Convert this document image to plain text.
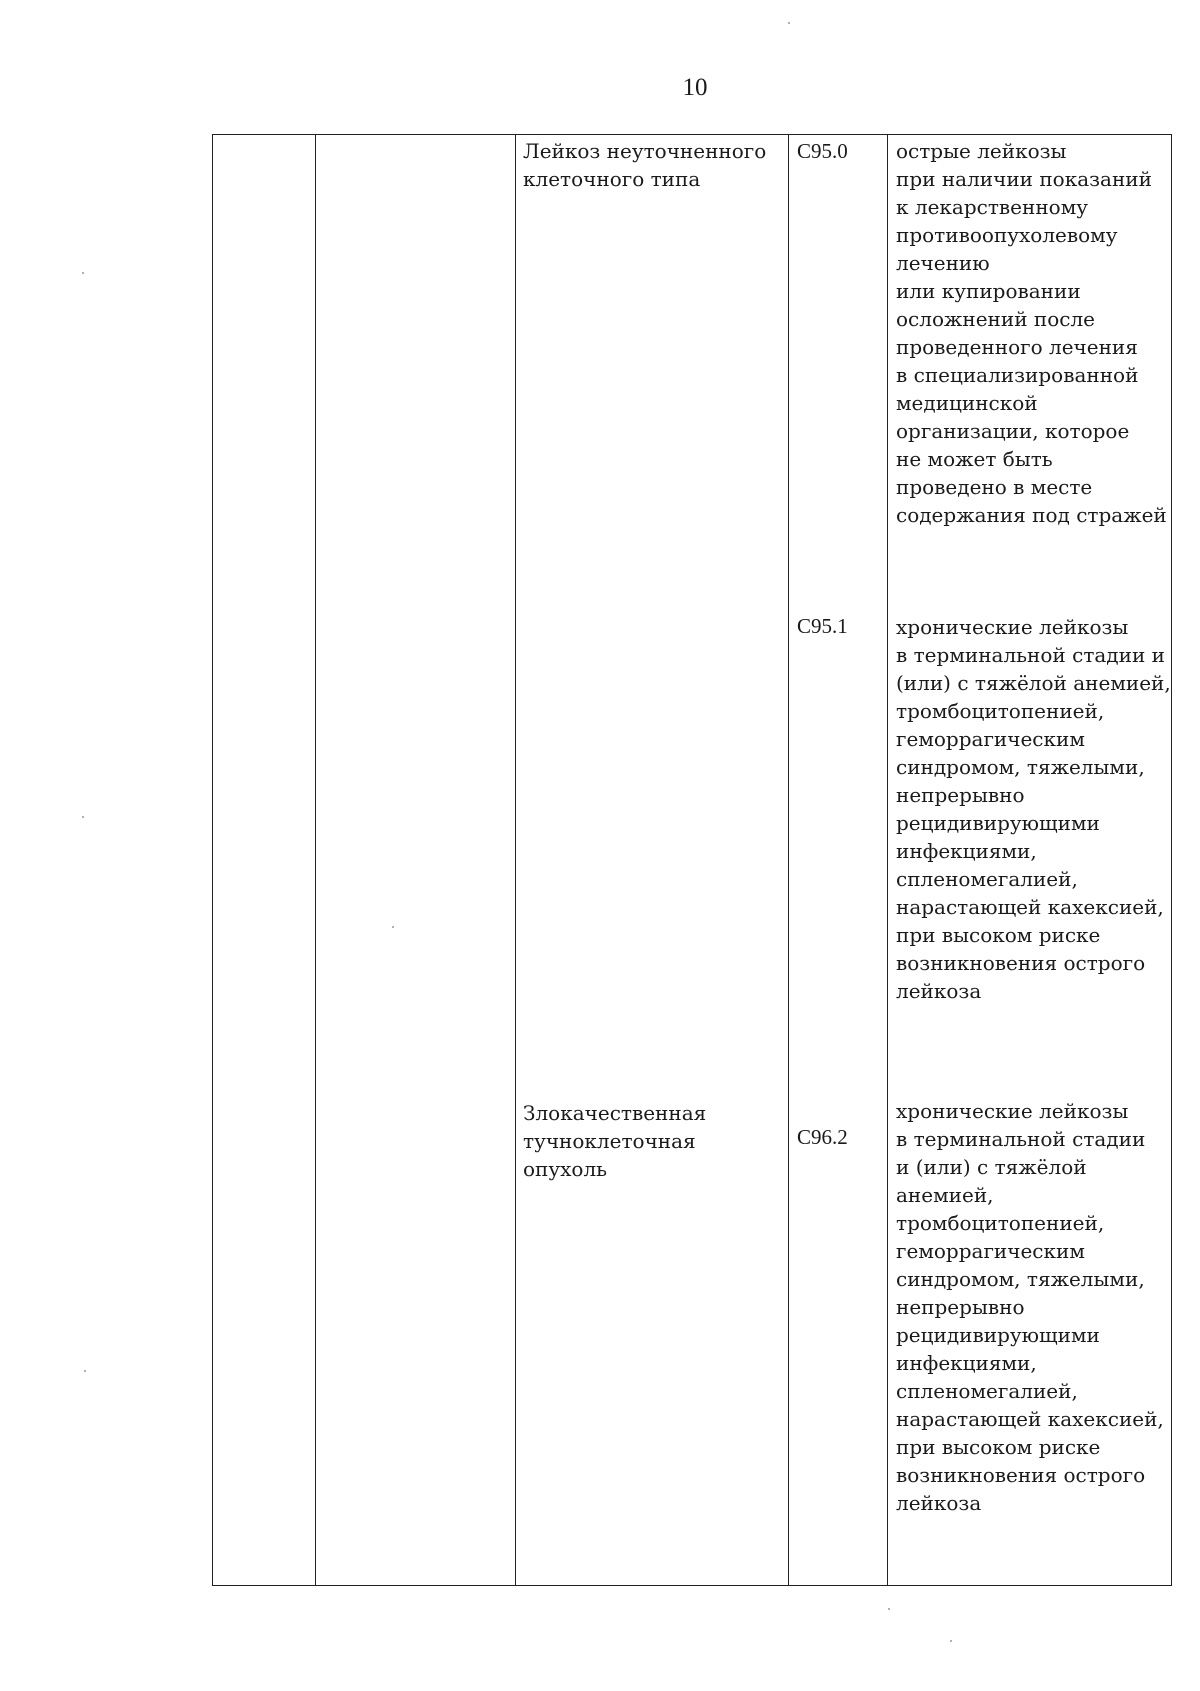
10
Лейкоз неуточненного
клеточного типа
C95.0 острые лейкозы
при наличии показаний
к лекарственному
противоопухолевому
лечению
или купировании
осложнений после
проведенного лечения
в специализированной
медицинской
организации, которое
не может быть
проведено в месте
содержания под стражей
C95.1 хронические лейкозы
в терминальной стадии и
(или) с тяжёлой анемией,
тромбоцитопенией,
геморрагическим
синдромом, тяжелыми,
непрерывно
рецидивирующими
инфекциями,
спленомегалией,
нарастающей кахексией,
при высоком риске
возникновения острого
лейкоза
Злокачественная
тучноклеточная
опухоль
C96.2
хронические лейкозы
в терминальной стадии
и (или) с тяжёлой
анемией,
тромбоцитопенией,
геморрагическим
синдромом, тяжелыми,
непрерывно
рецидивирующими
инфекциями,
спленомегалией,
нарастающей кахексией,
при высоком риске
возникновения острого
лейкоза
